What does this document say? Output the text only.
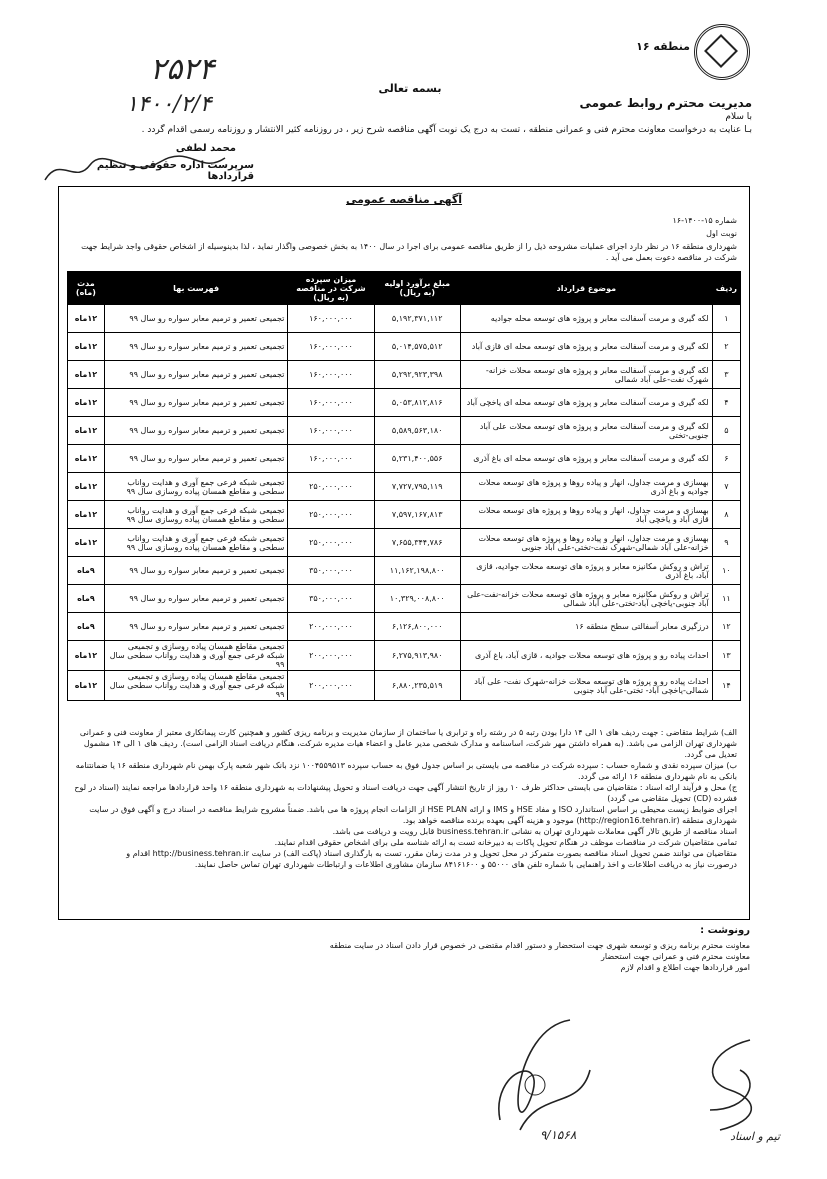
منطقه ۱۶
۲۵۲۴
۱۴۰۰/۲/۴
بسمه تعالی
مدیریت محترم روابط عمومی
با سلام
بـا عنایت به درخواست معاونت محترم فنی و عمرانی منطقه ، تست به درج یک نوبت آگهی مناقصه شرح زیر ، در روزنامه کثیر الانتشار و روزنامه رسمی اقدام گردد .
محمد لطفی
سرپرست اداره حقوقی و تنظیم قراردادها
آگهی مناقصه عمومی
شماره ۱۵-۱۴۰۰-۱۶
نوبت اول
شهرداری منطقه ۱۶ در نظر دارد اجرای عملیات مشروحه ذیل را از طریق مناقصه عمومی برای اجرا در سال ۱۴۰۰ به بخش خصوصی واگذار نماید ، لذا بدینوسیله از اشخاص حقوقی واجد شرایط جهت شرکت در مناقصه دعوت بعمل می آید .
ردیف	موضوع قرارداد	مبلغ برآورد اولیه (به ریال)	میزان سپرده شرکت در مناقصه (به ریال)	فهرست بها	مدت (ماه)
۱	لکه گیری و مرمت آسفالت معابر و پروژه های توسعه محله جوادیه	۵,۱۹۲,۳۷۱,۱۱۲	۱۶۰,۰۰۰,۰۰۰	تجمیعی تعمیر و ترمیم معابر سواره رو سال ۹۹	۱۲ماه
۲	لکه گیری و مرمت آسفالت معابر و پروژه های توسعه محله ای قازی آباد	۵,۰۱۴,۵۷۵,۵۱۲	۱۶۰,۰۰۰,۰۰۰	تجمیعی تعمیر و ترمیم معابر سواره رو سال ۹۹	۱۲ماه
۳	لکه گیری و مرمت آسفالت معابر و پروژه های توسعه محلات خزانه-شهرک نفت-علی آباد شمالی	۵,۲۹۲,۹۲۳,۳۹۸	۱۶۰,۰۰۰,۰۰۰	تجمیعی تعمیر و ترمیم معابر سواره رو سال ۹۹	۱۲ماه
۴	لکه گیری و مرمت آسفالت معابر و پروژه های توسعه محله ای یاخچی آباد	۵,۰۵۳,۸۱۲,۸۱۶	۱۶۰,۰۰۰,۰۰۰	تجمیعی تعمیر و ترمیم معابر سواره رو سال ۹۹	۱۲ماه
۵	لکه گیری و مرمت آسفالت معابر و پروژه های توسعه محلات علی آباد جنوبی-تختی	۵,۵۸۹,۵۶۳,۱۸۰	۱۶۰,۰۰۰,۰۰۰	تجمیعی تعمیر و ترمیم معابر سواره رو سال ۹۹	۱۲ماه
۶	لکه گیری و مرمت آسفالت معابر و پروژه های توسعه محله ای باغ آذری	۵,۲۳۱,۴۰۰,۵۵۶	۱۶۰,۰۰۰,۰۰۰	تجمیعی تعمیر و ترمیم معابر سواره رو سال ۹۹	۱۲ماه
۷	بهسازی و مرمت جداول، انهار و پیاده روها و پروژه های توسعه محلات جوادیه و باغ آذری	۷,۷۲۷,۷۹۵,۱۱۹	۲۵۰,۰۰۰,۰۰۰	تجمیعی شبکه فرعی جمع آوری و هدایت رواناب سطحی و مقاطع همسان پیاده روسازی سال ۹۹	۱۲ماه
۸	بهسازی و مرمت جداول، انهار و پیاده روها و پروژه های توسعه محلات قازی آباد و یاخچی آباد	۷,۵۹۷,۱۶۷,۸۱۳	۲۵۰,۰۰۰,۰۰۰	تجمیعی شبکه فرعی جمع آوری و هدایت رواناب سطحی و مقاطع همسان پیاده روسازی سال ۹۹	۱۲ماه
۹	بهسازی و مرمت جداول، انهار و پیاده روها و پروژه های توسعه محلات خزانه-علی آباد شمالی-شهرک نفت-تختی-علی آباد جنوبی	۷,۶۵۵,۳۴۴,۷۸۶	۲۵۰,۰۰۰,۰۰۰	تجمیعی شبکه فرعی جمع آوری و هدایت رواناب سطحی و مقاطع همسان پیاده روسازی سال ۹۹	۱۲ماه
۱۰	تراش و روکش مکانیزه معابر و پروژه های توسعه محلات جوادیه، قازی آباد، باغ آذری	۱۱,۱۶۲,۱۹۸,۸۰۰	۳۵۰,۰۰۰,۰۰۰	تجمیعی تعمیر و ترمیم معابر سواره رو سال ۹۹	۹ماه
۱۱	تراش و روکش مکانیزه معابر و پروژه های توسعه محلات خزانه-نفت-علی آباد جنوبی-یاخچی آباد-تختی-علی آباد شمالی	۱۰,۳۲۹,۰۰۸,۸۰۰	۳۵۰,۰۰۰,۰۰۰	تجمیعی تعمیر و ترمیم معابر سواره رو سال ۹۹	۹ماه
۱۲	درزگیری معابر آسفالتی سطح منطقه ۱۶	۶,۱۲۶,۸۰۰,۰۰۰	۲۰۰,۰۰۰,۰۰۰	تجمیعی تعمیر و ترمیم معابر سواره رو سال ۹۹	۹ماه
۱۳	احداث پیاده رو و پروژه های توسعه محلات جوادیه ، قازی آباد، باغ آذری	۶,۲۷۵,۹۱۳,۹۸۰	۲۰۰,۰۰۰,۰۰۰	تجمیعی مقاطع همسان پیاده روسازی و تجمیعی شبکه فرعی جمع آوری و هدایت رواناب سطحی سال ۹۹	۱۲ماه
۱۴	احداث پیاده رو و پروژه های توسعه محلات خزانه-شهرک نفت- علی آباد شمالی-یاخچی آباد- تختی-علی آباد جنوبی	۶,۸۸۰,۲۳۵,۵۱۹	۲۰۰,۰۰۰,۰۰۰	تجمیعی مقاطع همسان پیاده روسازی و تجمیعی شبکه فرعی جمع آوری و هدایت رواناب سطحی سال ۹۹	۱۲ماه
الف) شرایط متقاضی : جهت ردیف های ۱ الی ۱۴ دارا بودن رتبه ۵ در رشته راه و ترابری یا ساختمان از سازمان مدیریت و برنامه ریزی کشور و همچنین کارت پیمانکاری معتبر از معاونت فنی و عمرانی شهرداری تهران الزامی می باشد. (به همراه داشتن مهر شرکت، اساسنامه و مدارک شخصی مدیر عامل و اعضاء هیات مدیره شرکت، هنگام دریافت اسناد الزامی است). ردیف های ۱ الی ۱۴ مشمول تعدیل می گردد.
ب) میزان سپرده نقدی و شماره حساب : سپرده شرکت در مناقصه می بایستی بر اساس جدول فوق به حساب سپرده ۱۰۰۴۵۵۹۵۱۳ نزد بانک شهر شعبه پارک بهمن نام شهرداری منطقه ۱۶ یا ضمانتنامه بانکی به نام شهرداری منطقه ۱۶ ارائه می گردد.
ج) محل و فرآیند ارائه اسناد : متقاضیان می بایستی حداکثر ظرف ۱۰ روز از تاریخ انتشار آگهی جهت دریافت اسناد و تحویل پیشنهادات به شهرداری منطقه ۱۶ واحد قراردادها مراجعه نمایند (اسناد در لوح فشرده (CD) تحویل متقاضی می گردد)
اجرای ضوابط زیست محیطی بر اساس استاندارد ISO و مفاد HSE و IMS و ارائه HSE PLAN از الزامات انجام پروژه ها می باشد. ضمناً مشروح شرایط مناقصه در اسناد درج و آگهی فوق در سایت شهرداری منطقه (http://region16.tehran.ir) موجود و هزینه آگهی بعهده برنده مناقصه خواهد بود.
اسناد مناقصه از طریق تالار آگهی معاملات شهرداری تهران به نشانی business.tehran.ir قابل رویت و دریافت می باشد.
تمامی متقاضیان شرکت در مناقصات موظف در هنگام تحویل پاکات به دبیرخانه تست به ارائه شناسه ملی برای اشخاص حقوقی اقدام نمایند.
متقاضیان می توانند ضمن تحویل اسناد مناقصه بصورت متمرکز در محل تحویل و در مدت زمان مقرر، تست به بارگذاری اسناد (پاکت الف) در سایت http://business.tehran.ir اقدام و
درصورت نیاز به دریافت اطلاعات و اخذ راهنمایی با شماره تلفن های ۵۵۰۰۰ و ۸۴۱۶۱۶۰۰ سازمان مشاوری اطلاعات و ارتباطات شهرداری تهران تماس حاصل نمایند.
رونوشت :
معاونت محترم برنامه ریزی و توسعه شهری جهت استحضار و دستور اقدام مقتضی در خصوص قرار دادن اسناد در سایت منطقه
معاونت محترم فنی و عمرانی جهت استحضار
امور قراردادها جهت اطلاع و اقدام لازم
تیم و اسناد
۹/۱۵۶۸
